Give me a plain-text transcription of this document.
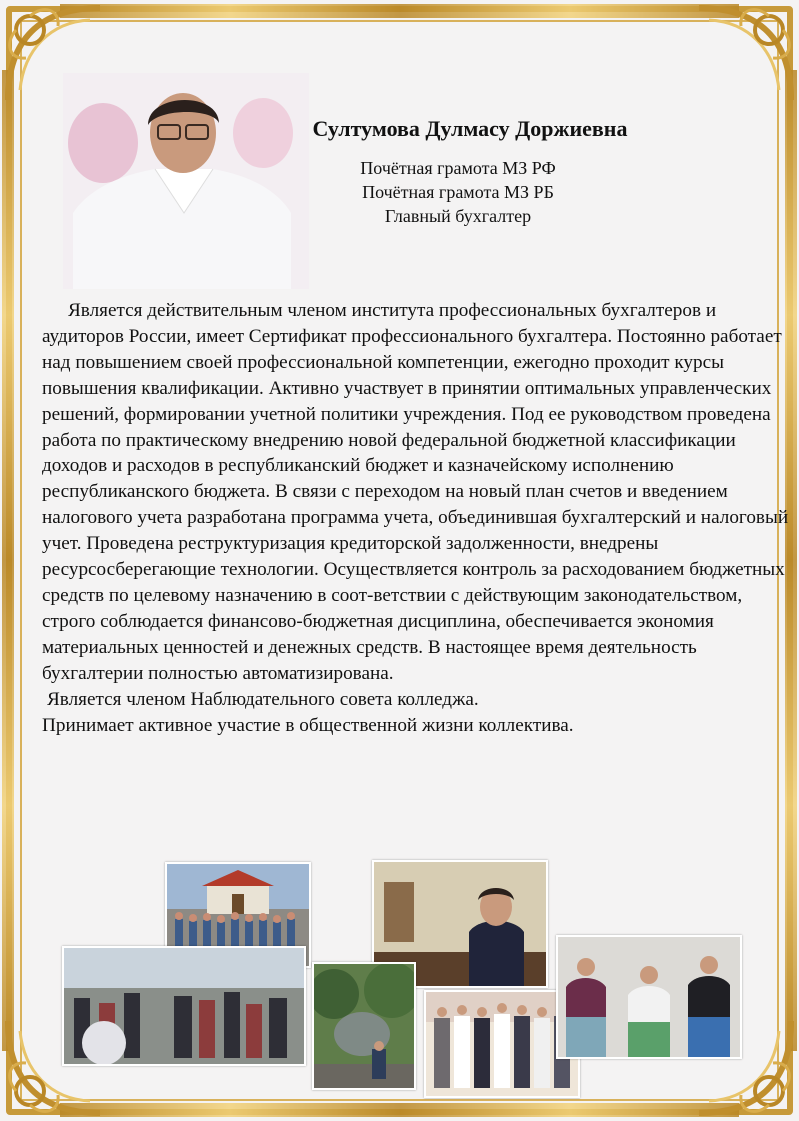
Султумова Дулмасу Доржиевна
Почётная грамота МЗ РФ
Почётная грамота МЗ РБ
Главный бухгалтер

Является действительным членом института профессиональных бухгалтеров и аудиторов России, имеет Сертификат профессионального бухгалтера. Постоянно работает над повышением своей профессиональной компетенции, ежегодно проходит курсы повышения квалификации. Активно участвует в принятии оптимальных управленческих решений, формировании учетной политики учреждения. Под ее руководством проведена работа по практическому внедрению новой федеральной бюджетной классификации доходов и расходов в республиканский бюджет и казначейскому исполнению республиканского бюджета. В связи с переходом на новый план счетов и введением налогового учета разработана программа учета, объединившая бухгалтерский и налоговый учет. Проведена реструктуризация кредиторской задолженности, внедрены ресурсосберегающие технологии. Осуществляется контроль за расходованием бюджетных средств по целевому назначению в соот-ветствии с действующим законодательством, строго соблюдается финансово-бюджетная дисциплина, обеспечивается экономия материальных ценностей и денежных средств. В настоящее время деятельность бухгалтерии полностью автоматизирована.

Является членом Наблюдательного совета колледжа.

Принимает активное участие в общественной жизни коллектива.
